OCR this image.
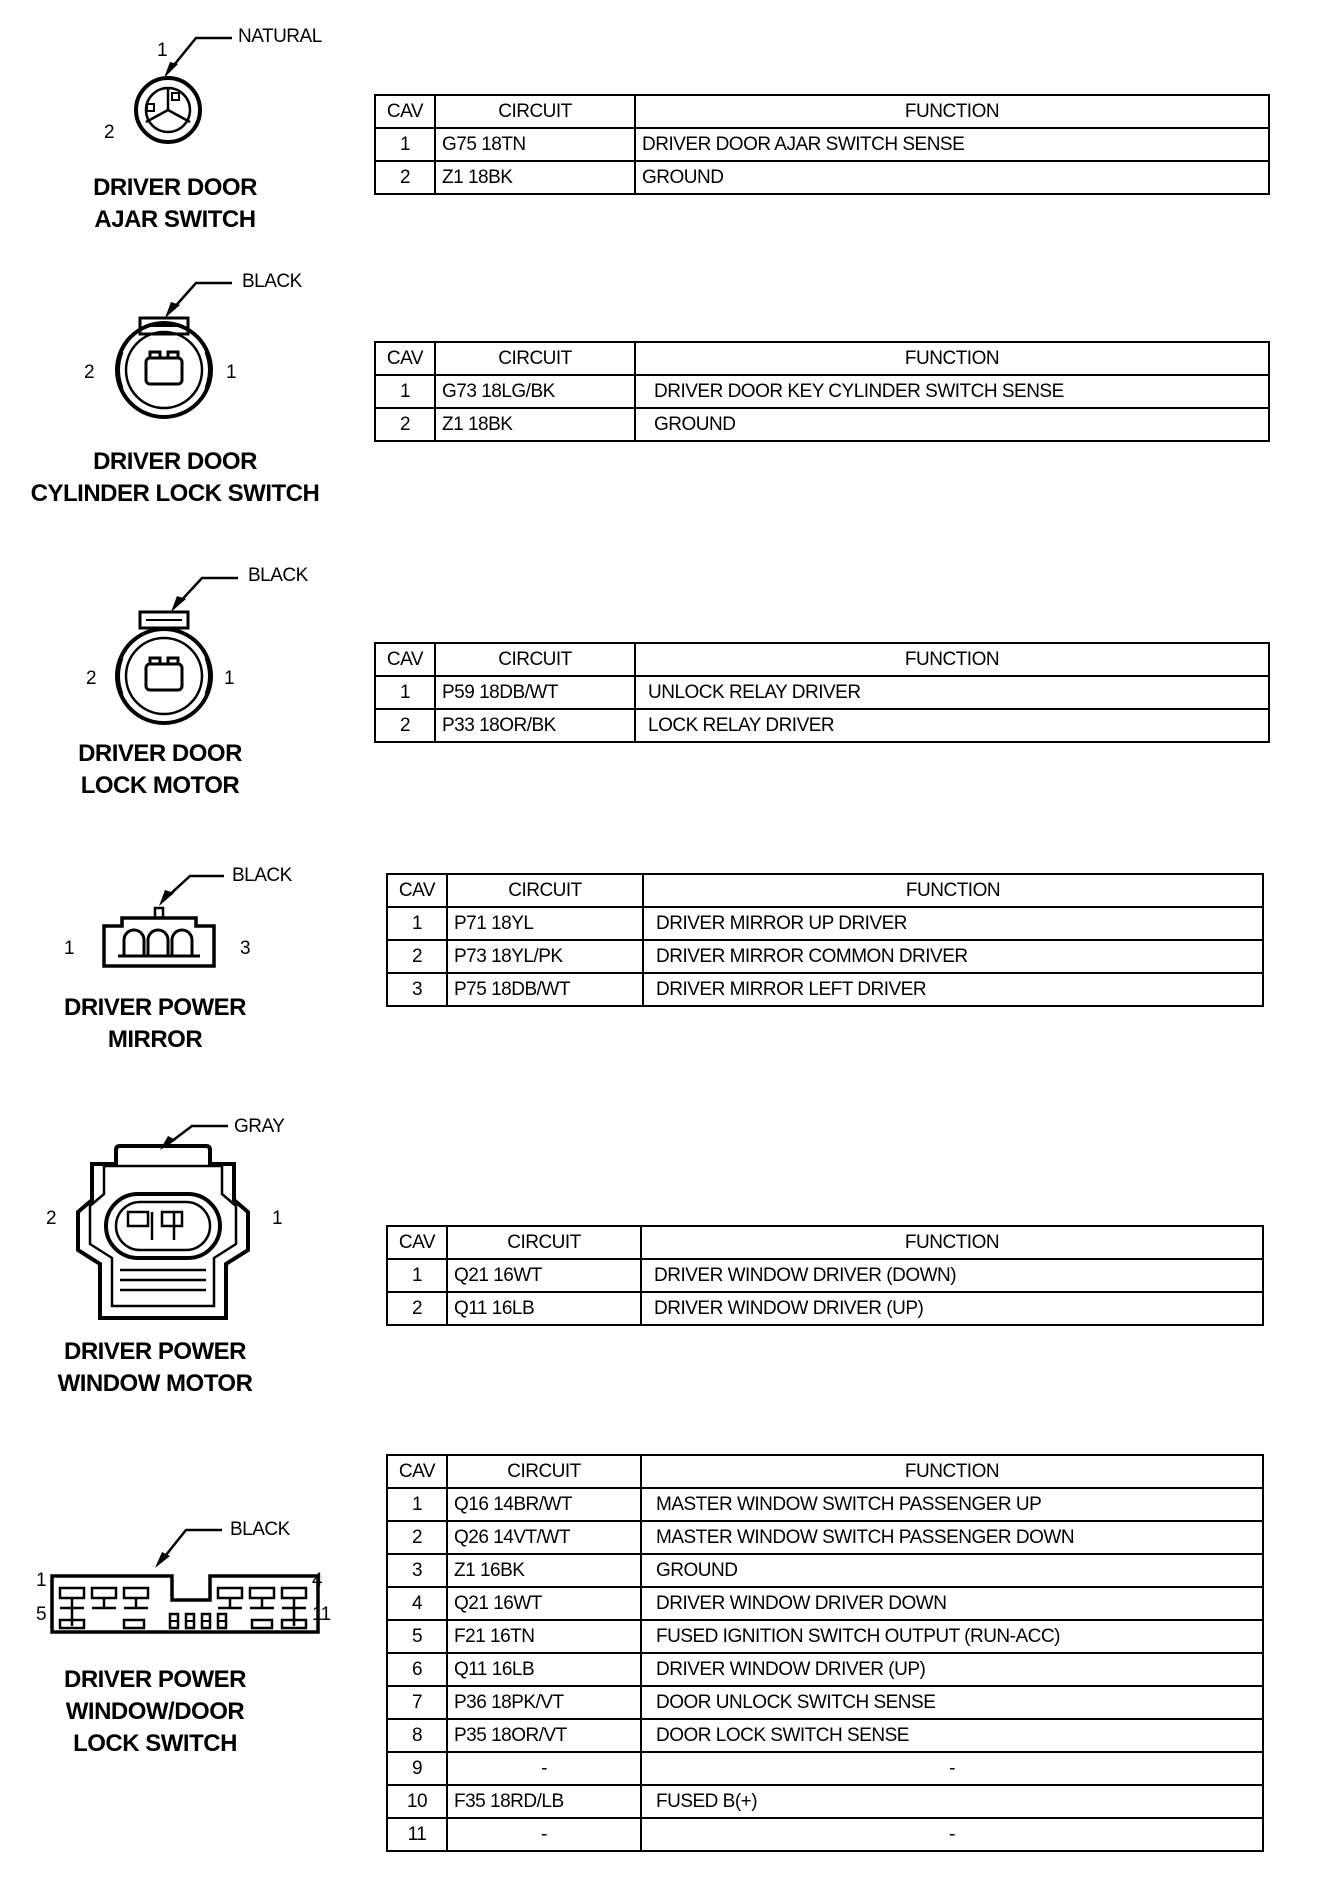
NATURAL
1
2
DRIVER DOOR
AJAR SWITCH
CAV	CIRCUIT	FUNCTION
1	G75 18TN	DRIVER DOOR AJAR SWITCH SENSE
2	Z1 18BK	GROUND
BLACK
2	1
DRIVER DOOR
CYLINDER LOCK SWITCH
CAV	CIRCUIT	FUNCTION
1	G73 18LG/BK	DRIVER DOOR KEY CYLINDER SWITCH SENSE
2	Z1 18BK	GROUND
BLACK
2	1
DRIVER DOOR
LOCK MOTOR
CAV	CIRCUIT	FUNCTION
1	P59 18DB/WT	UNLOCK RELAY DRIVER
2	P33 18OR/BK	LOCK RELAY DRIVER
BLACK
1	3
DRIVER POWER
MIRROR
CAV	CIRCUIT	FUNCTION
1	P71 18YL	DRIVER MIRROR UP DRIVER
2	P73 18YL/PK	DRIVER MIRROR COMMON DRIVER
3	P75 18DB/WT	DRIVER MIRROR LEFT DRIVER
GRAY
2	1
DRIVER POWER
WINDOW MOTOR
CAV	CIRCUIT	FUNCTION
1	Q21 16WT	DRIVER WINDOW DRIVER (DOWN)
2	Q11 16LB	DRIVER WINDOW DRIVER (UP)
BLACK
1	4
5	11
DRIVER POWER
WINDOW/DOOR
LOCK SWITCH
CAV	CIRCUIT	FUNCTION
1	Q16 14BR/WT	MASTER WINDOW SWITCH PASSENGER UP
2	Q26 14VT/WT	MASTER WINDOW SWITCH PASSENGER DOWN
3	Z1 16BK	GROUND
4	Q21 16WT	DRIVER WINDOW DRIVER DOWN
5	F21 16TN	FUSED IGNITION SWITCH OUTPUT (RUN-ACC)
6	Q11 16LB	DRIVER WINDOW DRIVER (UP)
7	P36 18PK/VT	DOOR UNLOCK SWITCH SENSE
8	P35 18OR/VT	DOOR LOCK SWITCH SENSE
9	-	-
10	F35 18RD/LB	FUSED B(+)
11	-	-
